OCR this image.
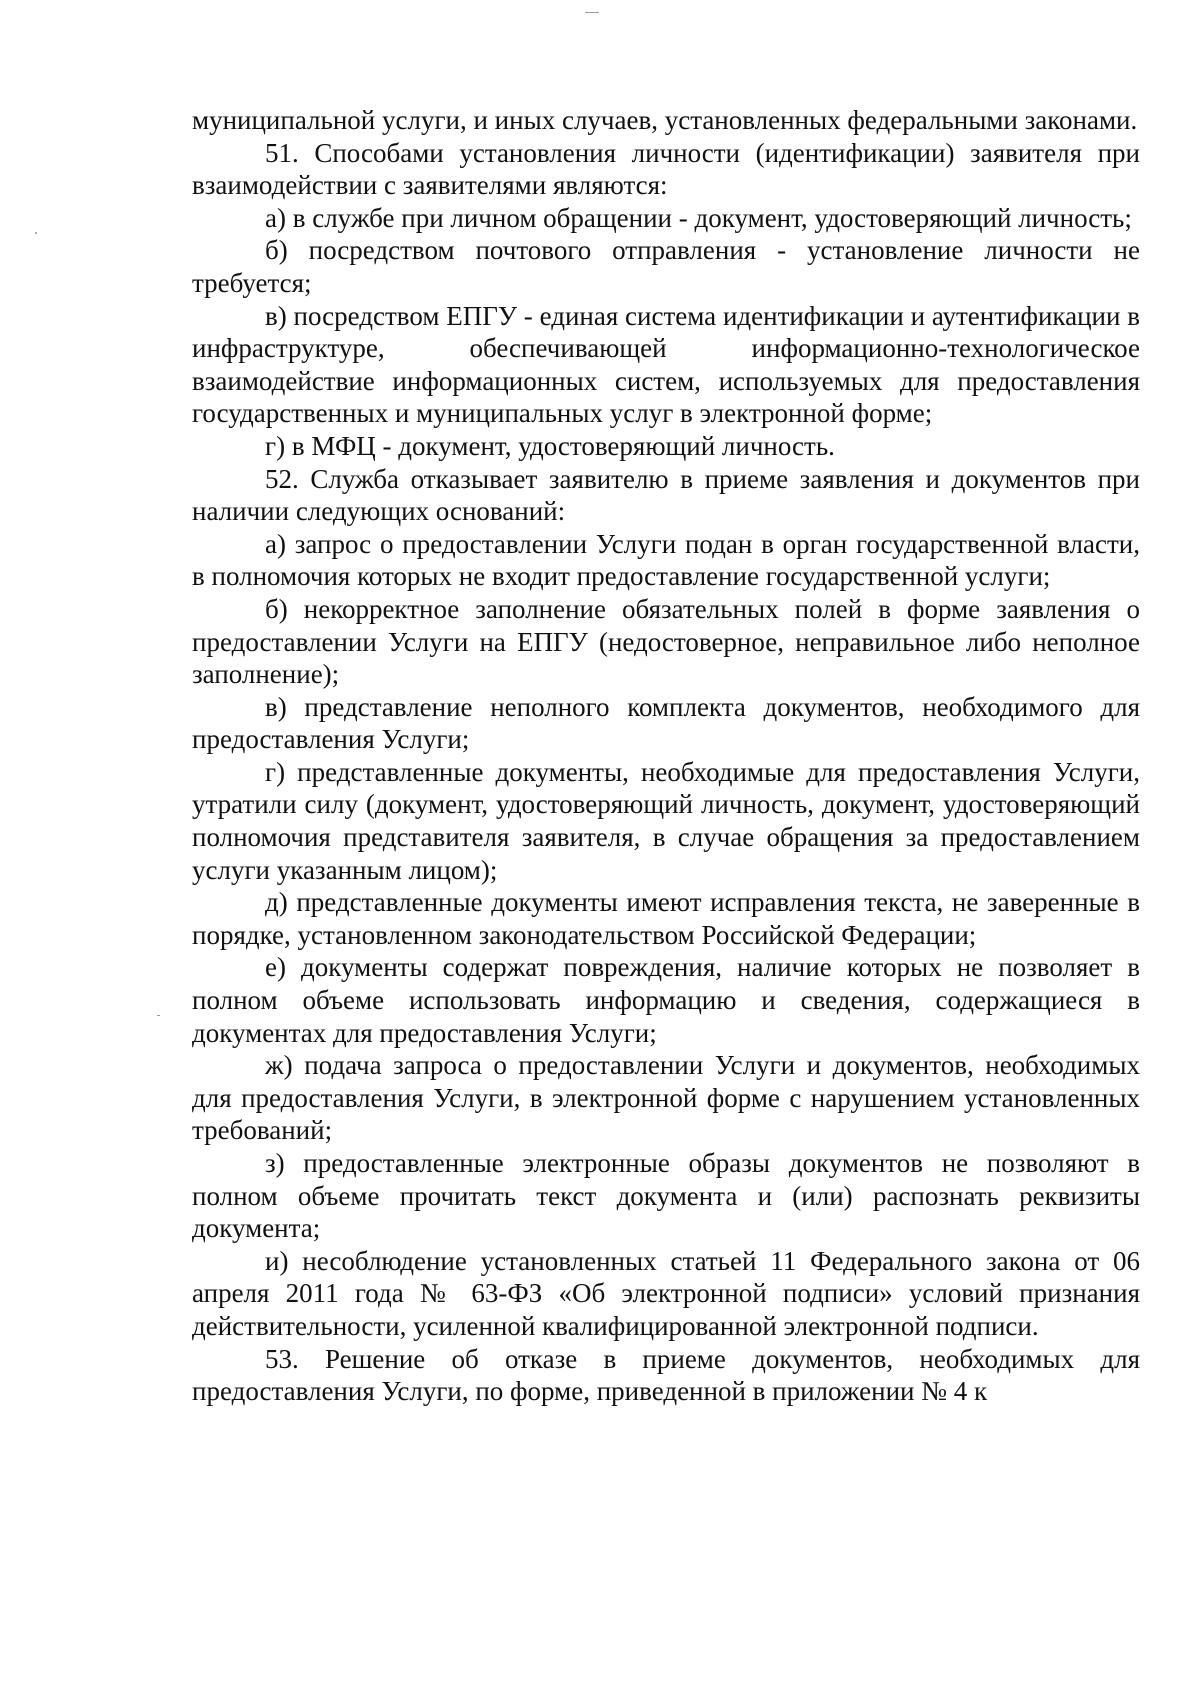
муниципальной услуги, и иных случаев, установленных федеральными законами.

51. Способами установления личности (идентификации) заявителя при взаимодействии с заявителями являются:

а) в службе при личном обращении - документ, удостоверяющий личность;

б) посредством почтового отправления - установление личности не требуется;

в) посредством ЕПГУ - единая система идентификации и аутентификации в инфраструктуре, обеспечивающей информационно-технологическое взаимодействие информационных систем, используемых для предоставления государственных и муниципальных услуг в электронной форме;

г) в МФЦ - документ, удостоверяющий личность.

52. Служба отказывает заявителю в приеме заявления и документов при наличии следующих оснований:

а) запрос о предоставлении Услуги подан в орган государственной власти, в полномочия которых не входит предоставление государственной услуги;

б) некорректное заполнение обязательных полей в форме заявления о предоставлении Услуги на ЕПГУ (недостоверное, неправильное либо неполное заполнение);

в) представление неполного комплекта документов, необходимого для предоставления Услуги;

г) представленные документы, необходимые для предоставления Услуги, утратили силу (документ, удостоверяющий личность, документ, удостоверяющий полномочия представителя заявителя, в случае обращения за предоставлением услуги указанным лицом);

д) представленные документы имеют исправления текста, не заверенные в порядке, установленном законодательством Российской Федерации;

е) документы содержат повреждения, наличие которых не позволяет в полном объеме использовать информацию и сведения, содержащиеся в документах для предоставления Услуги;

ж) подача запроса о предоставлении Услуги и документов, необходимых для предоставления Услуги, в электронной форме с нарушением установленных требований;

з) предоставленные электронные образы документов не позволяют в полном объеме прочитать текст документа и (или) распознать реквизиты документа;

и) несоблюдение установленных статьей 11 Федерального закона от 06 апреля 2011 года № 63-ФЗ «Об электронной подписи» условий признания действительности, усиленной квалифицированной электронной подписи.

53. Решение об отказе в приеме документов, необходимых для предоставления Услуги, по форме, приведенной в приложении № 4 к
